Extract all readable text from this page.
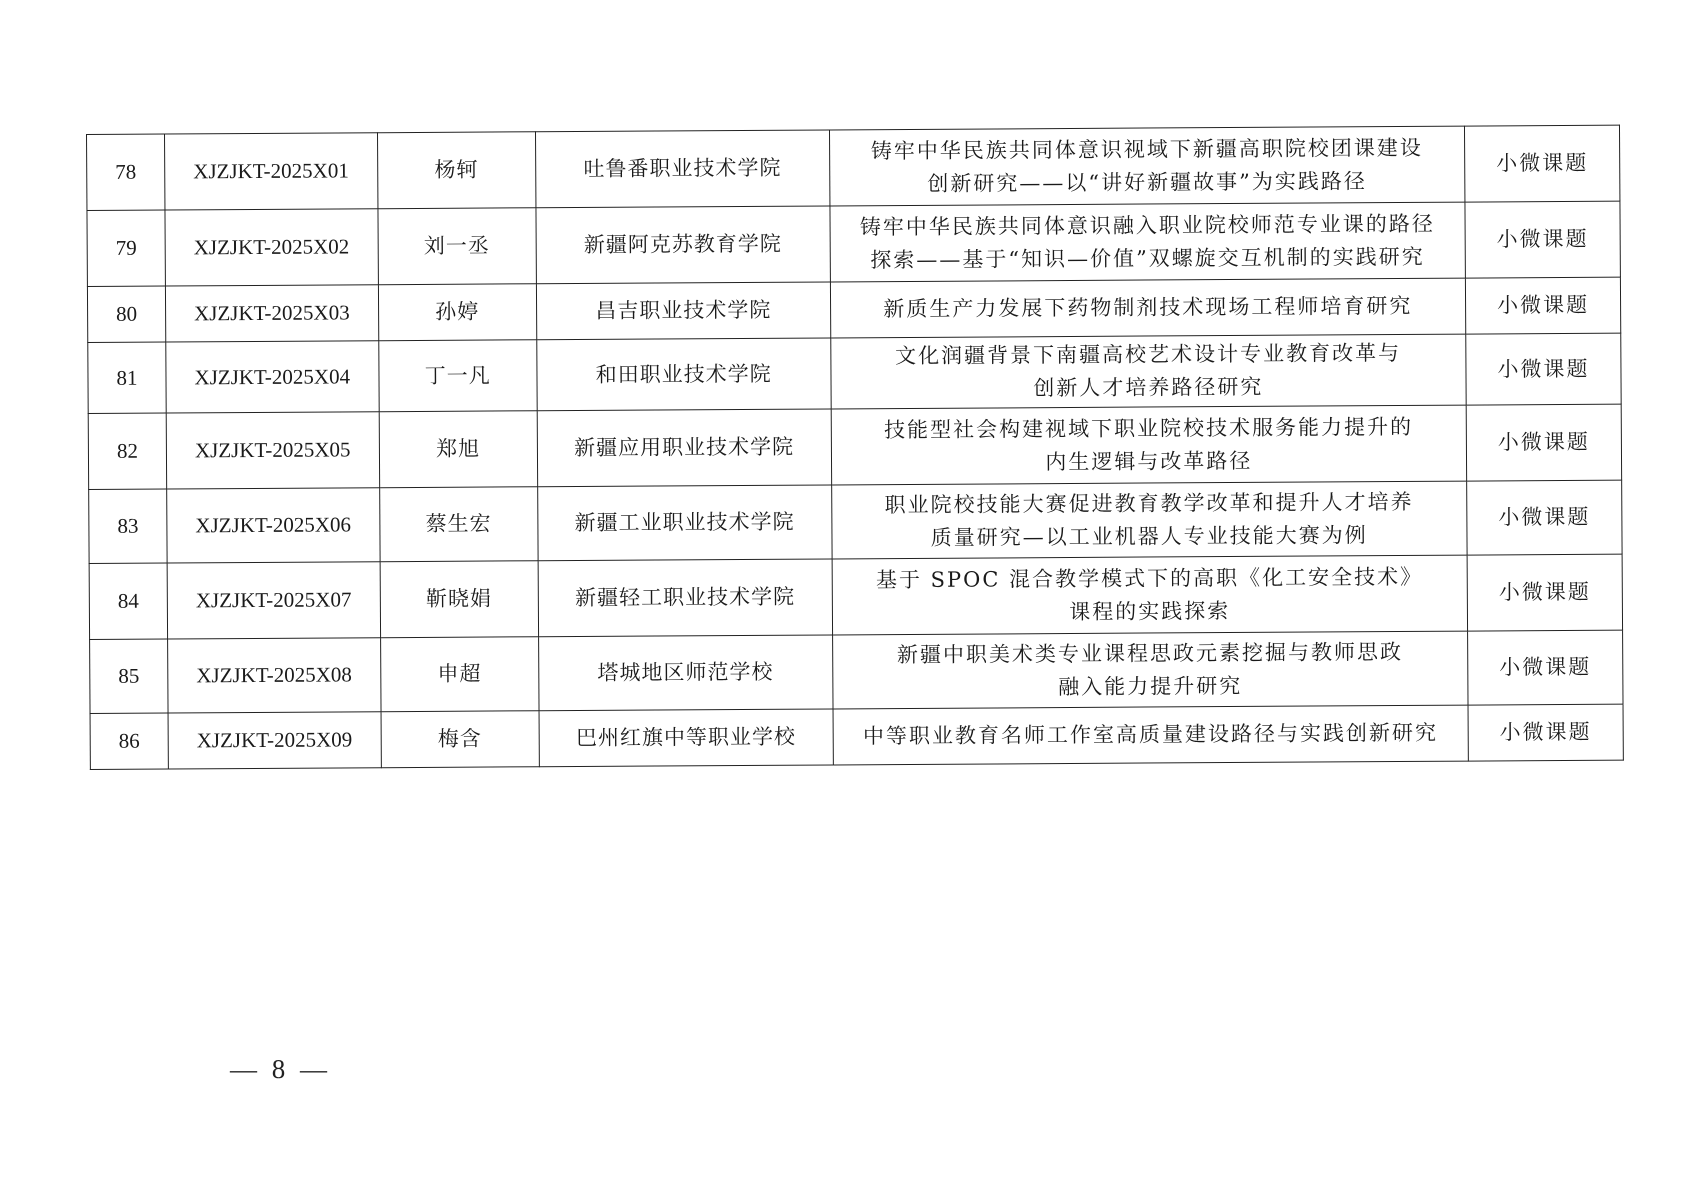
78	XJZJKT-2025X01	杨轲	吐鲁番职业技术学院	铸牢中华民族共同体意识视域下新疆高职院校团课建设
创新研究——以“讲好新疆故事”为实践路径	小微课题
79	XJZJKT-2025X02	刘一丞	新疆阿克苏教育学院	铸牢中华民族共同体意识融入职业院校师范专业课的路径
探索——基于“知识—价值”双螺旋交互机制的实践研究	小微课题
80	XJZJKT-2025X03	孙婷	昌吉职业技术学院	新质生产力发展下药物制剂技术现场工程师培育研究	小微课题
81	XJZJKT-2025X04	丁一凡	和田职业技术学院	文化润疆背景下南疆高校艺术设计专业教育改革与
创新人才培养路径研究	小微课题
82	XJZJKT-2025X05	郑旭	新疆应用职业技术学院	技能型社会构建视域下职业院校技术服务能力提升的
内生逻辑与改革路径	小微课题
83	XJZJKT-2025X06	蔡生宏	新疆工业职业技术学院	职业院校技能大赛促进教育教学改革和提升人才培养
质量研究—以工业机器人专业技能大赛为例	小微课题
84	XJZJKT-2025X07	靳晓娟	新疆轻工职业技术学院	基于 SPOC 混合教学模式下的高职《化工安全技术》
课程的实践探索	小微课题
85	XJZJKT-2025X08	申超	塔城地区师范学校	新疆中职美术类专业课程思政元素挖掘与教师思政
融入能力提升研究	小微课题
86	XJZJKT-2025X09	梅含	巴州红旗中等职业学校	中等职业教育名师工作室高质量建设路径与实践创新研究	小微课题
— 8 —
